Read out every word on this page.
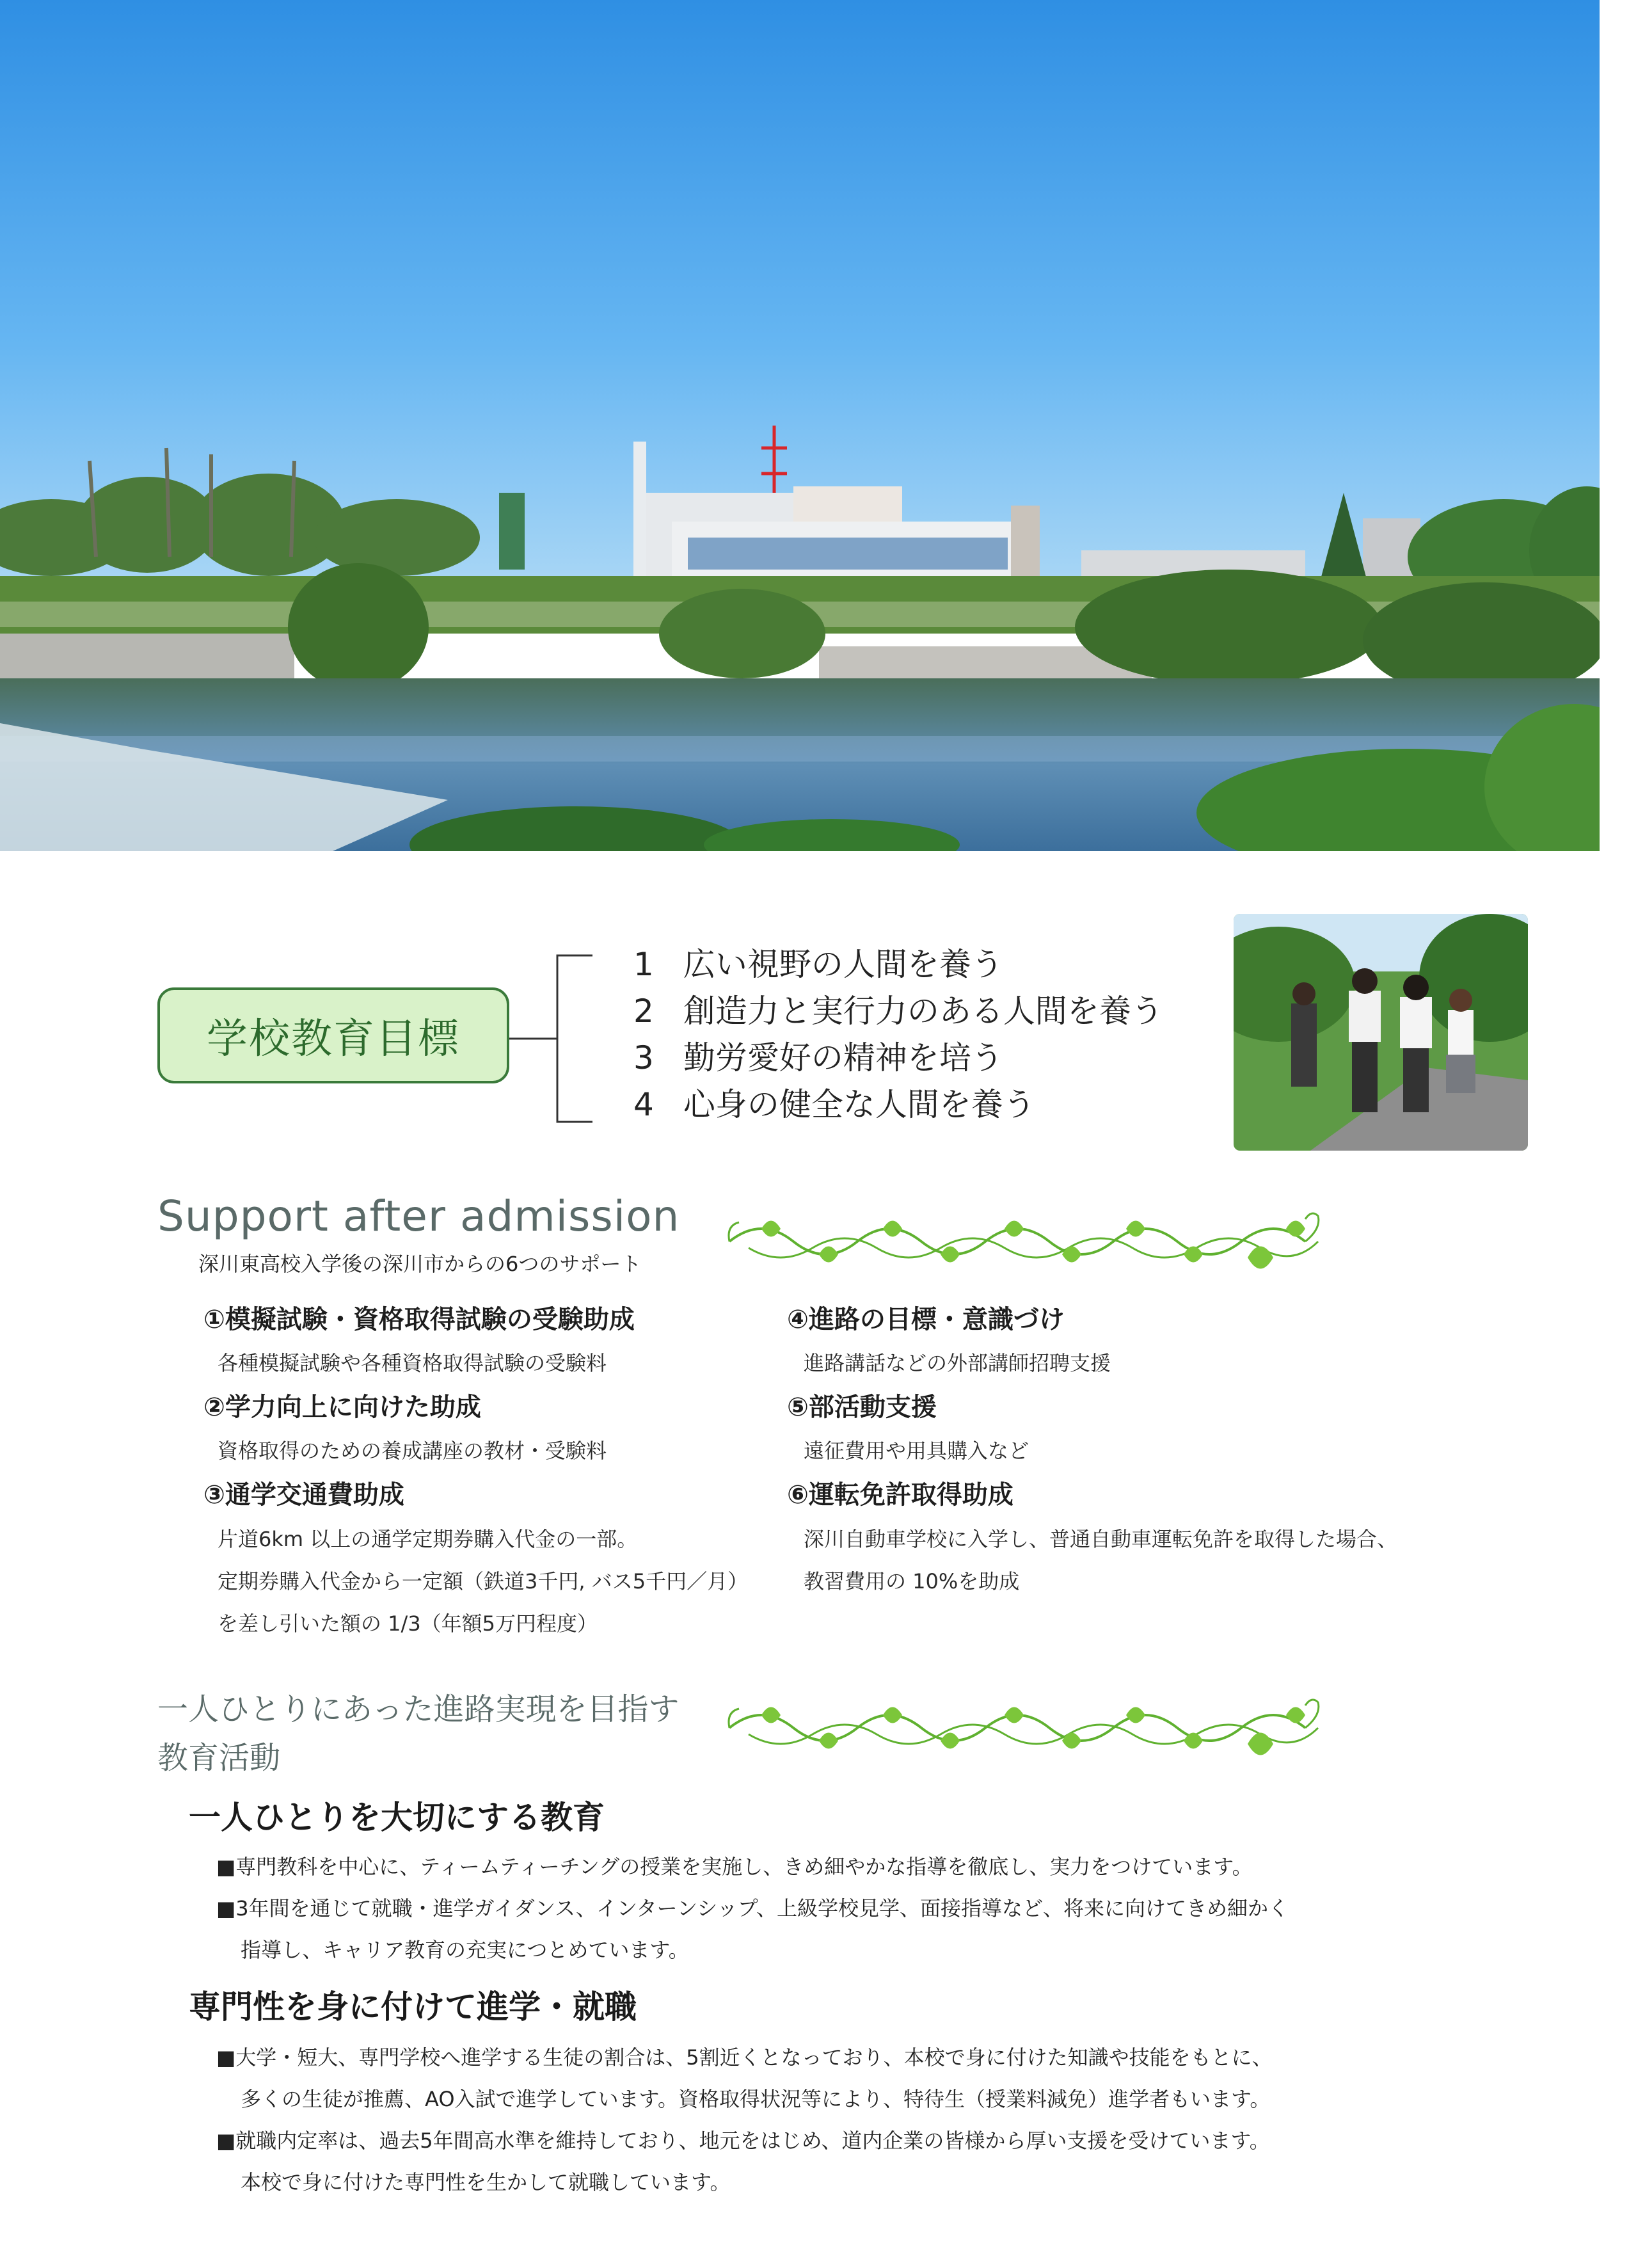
学校教育目標
1 広い視野の人間を養う
2 創造力と実行力のある人間を養う
3 勤労愛好の精神を培う
4 心身の健全な人間を養う
Support after admission
深川東高校入学後の深川市からの6つのサポート
①模擬試験・資格取得試験の受験助成
各種模擬試験や各種資格取得試験の受験料
②学力向上に向けた助成
資格取得のための養成講座の教材・受験料
③通学交通費助成
片道6km 以上の通学定期券購入代金の一部。
定期券購入代金から一定額（鉄道3千円, バス5千円／月）
を差し引いた額の 1/3（年額5万円程度）
④進路の目標・意識づけ
進路講話などの外部講師招聘支援
⑤部活動支援
遠征費用や用具購入など
⑥運転免許取得助成
深川自動車学校に入学し、普通自動車運転免許を取得した場合、
教習費用の 10%を助成
一人ひとりにあった進路実現を目指す
教育活動
一人ひとりを大切にする教育
■専門教科を中心に、ティームティーチングの授業を実施し、きめ細やかな指導を徹底し、実力をつけています。
■3年間を通じて就職・進学ガイダンス、インターンシップ、上級学校見学、面接指導など、将来に向けてきめ細かく
指導し、キャリア教育の充実につとめています。
専門性を身に付けて進学・就職
■大学・短大、専門学校へ進学する生徒の割合は、5割近くとなっており、本校で身に付けた知識や技能をもとに、
多くの生徒が推薦、AO入試で進学しています。資格取得状況等により、特待生（授業料減免）進学者もいます。
■就職内定率は、過去5年間高水準を維持しており、地元をはじめ、道内企業の皆様から厚い支援を受けています。
本校で身に付けた専門性を生かして就職しています。
